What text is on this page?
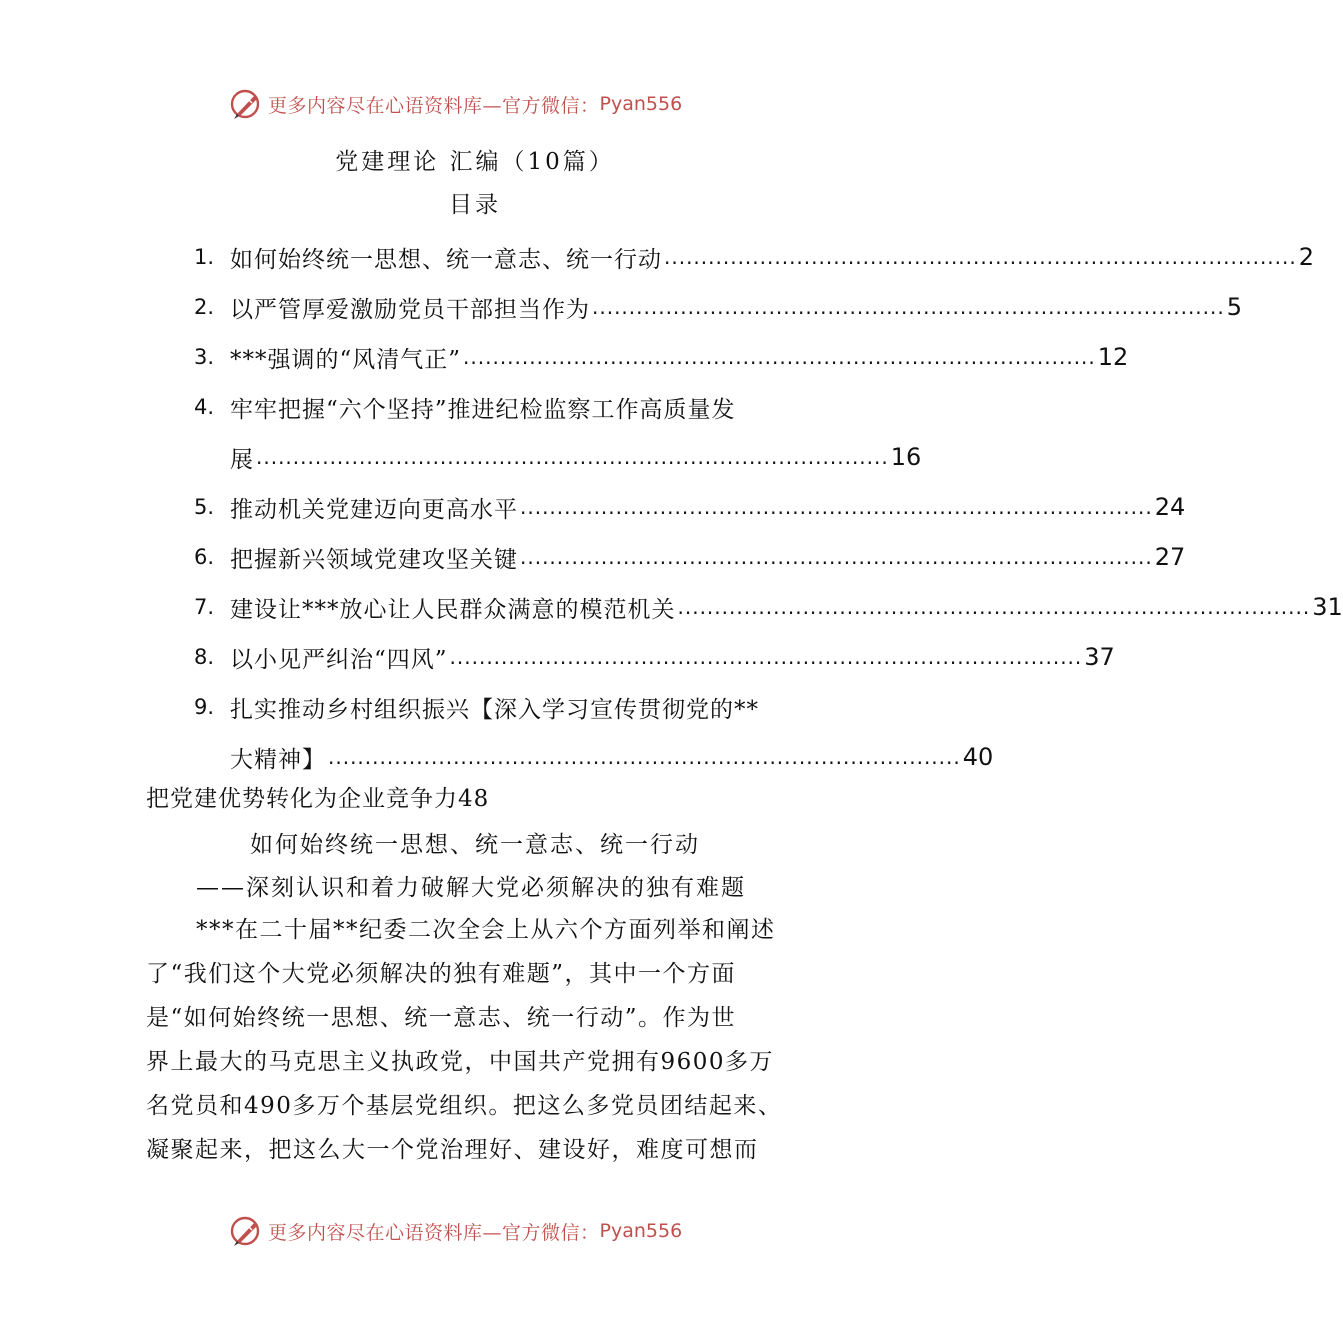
更多内容尽在心语资料库—官方微信： Pyan556
党建理论 汇编（10篇）
目录
1. 如何始终统一思想、统一意志、统一行动 ...................................................................................... 2
2. 以严管厚爱激励党员干部担当作为 ...................................................................................... 5
3. ***强调的“风清气正” ...................................................................................... 12
4. 牢牢把握“六个坚持”推进纪检监察工作高质量发
展 ...................................................................................... 16
5. 推动机关党建迈向更高水平 ...................................................................................... 24
6. 把握新兴领域党建攻坚关键 ...................................................................................... 27
7. 建设让***放心让人民群众满意的模范机关 ...................................................................................... 31
8. 以小见严纠治“四风” ...................................................................................... 37
9. 扎实推动乡村组织振兴【深入学习宣传贯彻党的**
大精神】 ...................................................................................... 40
把党建优势转化为企业竞争力48
如何始终统一思想、统一意志、统一行动
——深刻认识和着力破解大党必须解决的独有难题
***在二十届**纪委二次全会上从六个方面列举和阐述
了“我们这个大党必须解决的独有难题”，其中一个方面
是“如何始终统一思想、统一意志、统一行动”。作为世
界上最大的马克思主义执政党，中国共产党拥有9600多万
名党员和490多万个基层党组织。把这么多党员团结起来、
凝聚起来，把这么大一个党治理好、建设好，难度可想而
更多内容尽在心语资料库—官方微信： Pyan556
